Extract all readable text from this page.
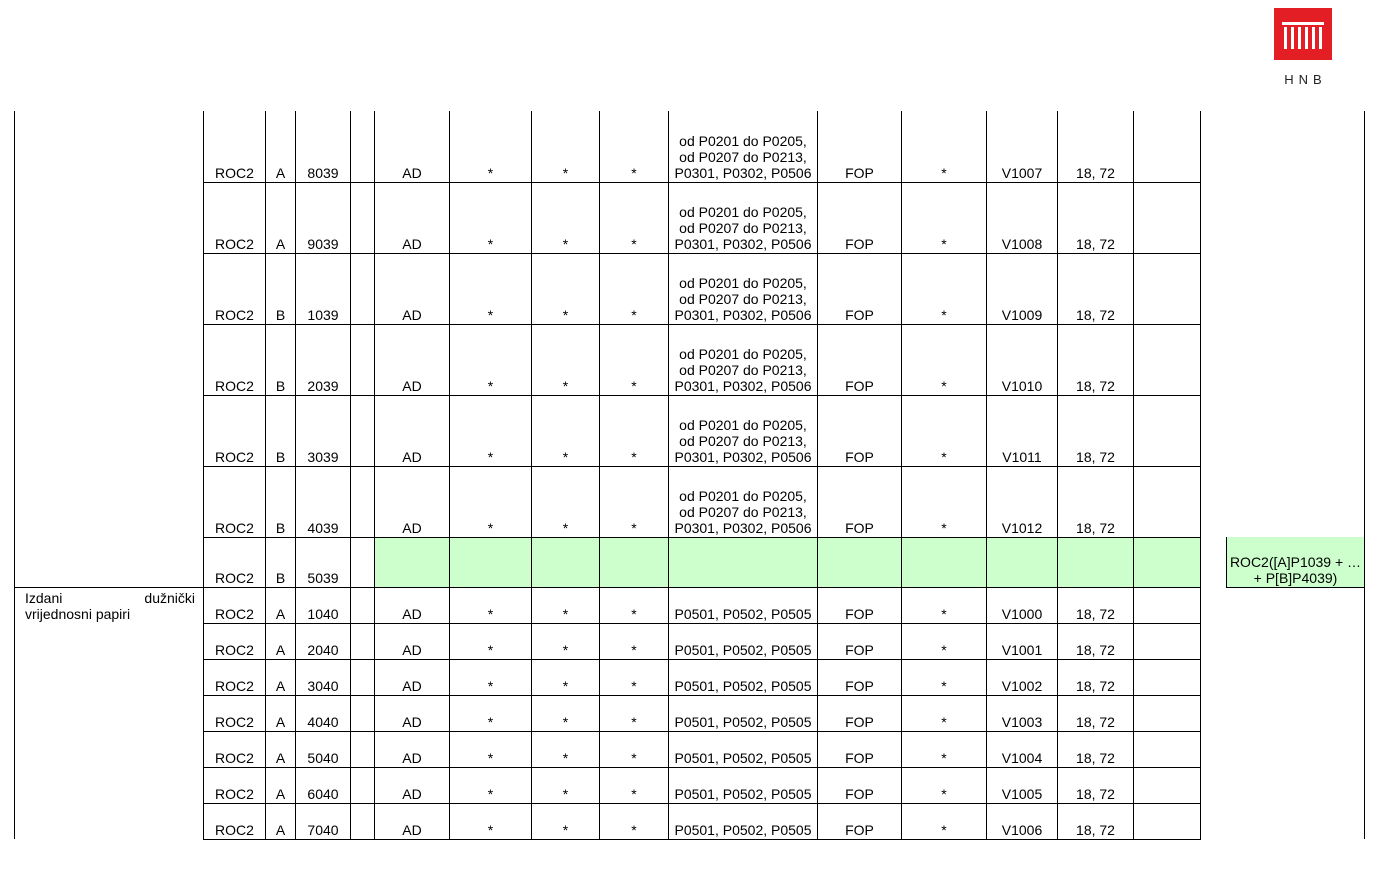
HNB
	ROC2	A	8039		AD	*	*	*	od P0201 do P0205, od P0207 do P0213, P0301, P0302, P0506	FOP	*	V1007	18, 72			
	ROC2	A	9039		AD	*	*	*	od P0201 do P0205, od P0207 do P0213, P0301, P0302, P0506	FOP	*	V1008	18, 72			
	ROC2	B	1039		AD	*	*	*	od P0201 do P0205, od P0207 do P0213, P0301, P0302, P0506	FOP	*	V1009	18, 72			
	ROC2	B	2039		AD	*	*	*	od P0201 do P0205, od P0207 do P0213, P0301, P0302, P0506	FOP	*	V1010	18, 72			
	ROC2	B	3039		AD	*	*	*	od P0201 do P0205, od P0207 do P0213, P0301, P0302, P0506	FOP	*	V1011	18, 72			
	ROC2	B	4039		AD	*	*	*	od P0201 do P0205, od P0207 do P0213, P0301, P0302, P0506	FOP	*	V1012	18, 72			
	ROC2	B	5039													ROC2([A]P1039 + … + P[B]P4039)

Izdani dužnički
vrijednosni papiri	ROC2	A	1040		AD	*	*	*	P0501, P0502, P0505	FOP	*	V1000	18, 72			
	ROC2	A	2040		AD	*	*	*	P0501, P0502, P0505	FOP	*	V1001	18, 72			
	ROC2	A	3040		AD	*	*	*	P0501, P0502, P0505	FOP	*	V1002	18, 72			
	ROC2	A	4040		AD	*	*	*	P0501, P0502, P0505	FOP	*	V1003	18, 72			
	ROC2	A	5040		AD	*	*	*	P0501, P0502, P0505	FOP	*	V1004	18, 72			
	ROC2	A	6040		AD	*	*	*	P0501, P0502, P0505	FOP	*	V1005	18, 72			
	ROC2	A	7040		AD	*	*	*	P0501, P0502, P0505	FOP	*	V1006	18, 72			
